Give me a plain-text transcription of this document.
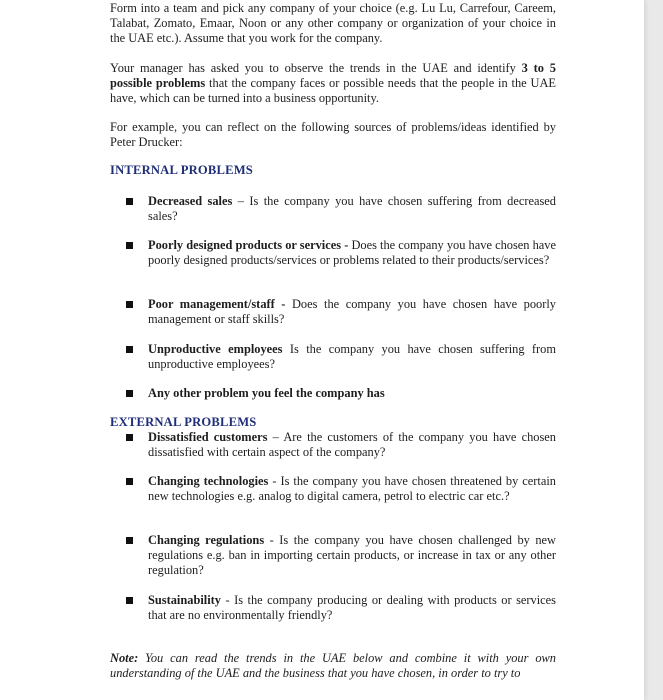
Form into a team and pick any company of your choice (e.g. Lu Lu, Carrefour, Careem, Talabat, Zomato, Emaar, Noon or any other company or organization of your choice in the UAE etc.). Assume that you work for the company.

Your manager has asked you to observe the trends in the UAE and identify 3 to 5 possible problems that the company faces or possible needs that the people in the UAE have, which can be turned into a business opportunity.

For example, you can reflect on the following sources of problems/ideas identified by Peter Drucker:

INTERNAL PROBLEMS
Decreased sales – Is the company you have chosen suffering from decreased sales?
Poorly designed products or services - Does the company you have chosen have poorly designed products/services or problems related to their products/services?
Poor management/staff - Does the company you have chosen have poorly management or staff skills?
Unproductive employees Is the company you have chosen suffering from unproductive employees?
Any other problem you feel the company has
EXTERNAL PROBLEMS
Dissatisfied customers – Are the customers of the company you have chosen dissatisfied with certain aspect of the company?
Changing technologies - Is the company you have chosen threatened by certain new technologies e.g. analog to digital camera, petrol to electric car etc.?
Changing regulations - Is the company you have chosen challenged by new regulations e.g. ban in importing certain products, or increase in tax or any other regulation?
Sustainability - Is the company producing or dealing with products or services that are no environmentally friendly?

Note: You can read the trends in the UAE below and combine it with your own understanding of the UAE and the business that you have chosen, in order to try to
